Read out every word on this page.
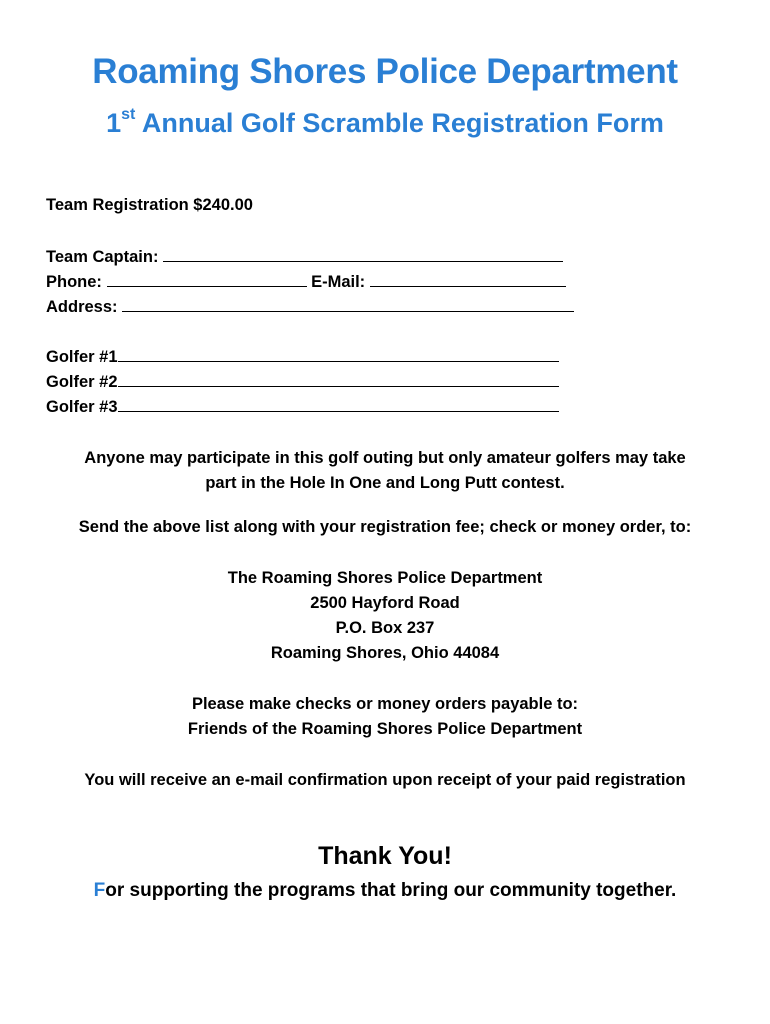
Roaming Shores Police Department
1st Annual Golf Scramble Registration Form
Team Registration $240.00
Team Captain:
Phone:	E-Mail:
Address:
Golfer #1
Golfer #2
Golfer #3
Anyone may participate in this golf outing but only amateur golfers may take
part in the Hole In One and Long Putt contest.
Send the above list along with your registration fee; check or money order, to:
The Roaming Shores Police Department
2500 Hayford Road
P.O. Box 237
Roaming Shores, Ohio 44084
Please make checks or money orders payable to:
Friends of the Roaming Shores Police Department
You will receive an e-mail confirmation upon receipt of your paid registration
Thank You!
For supporting the programs that bring our community together.
